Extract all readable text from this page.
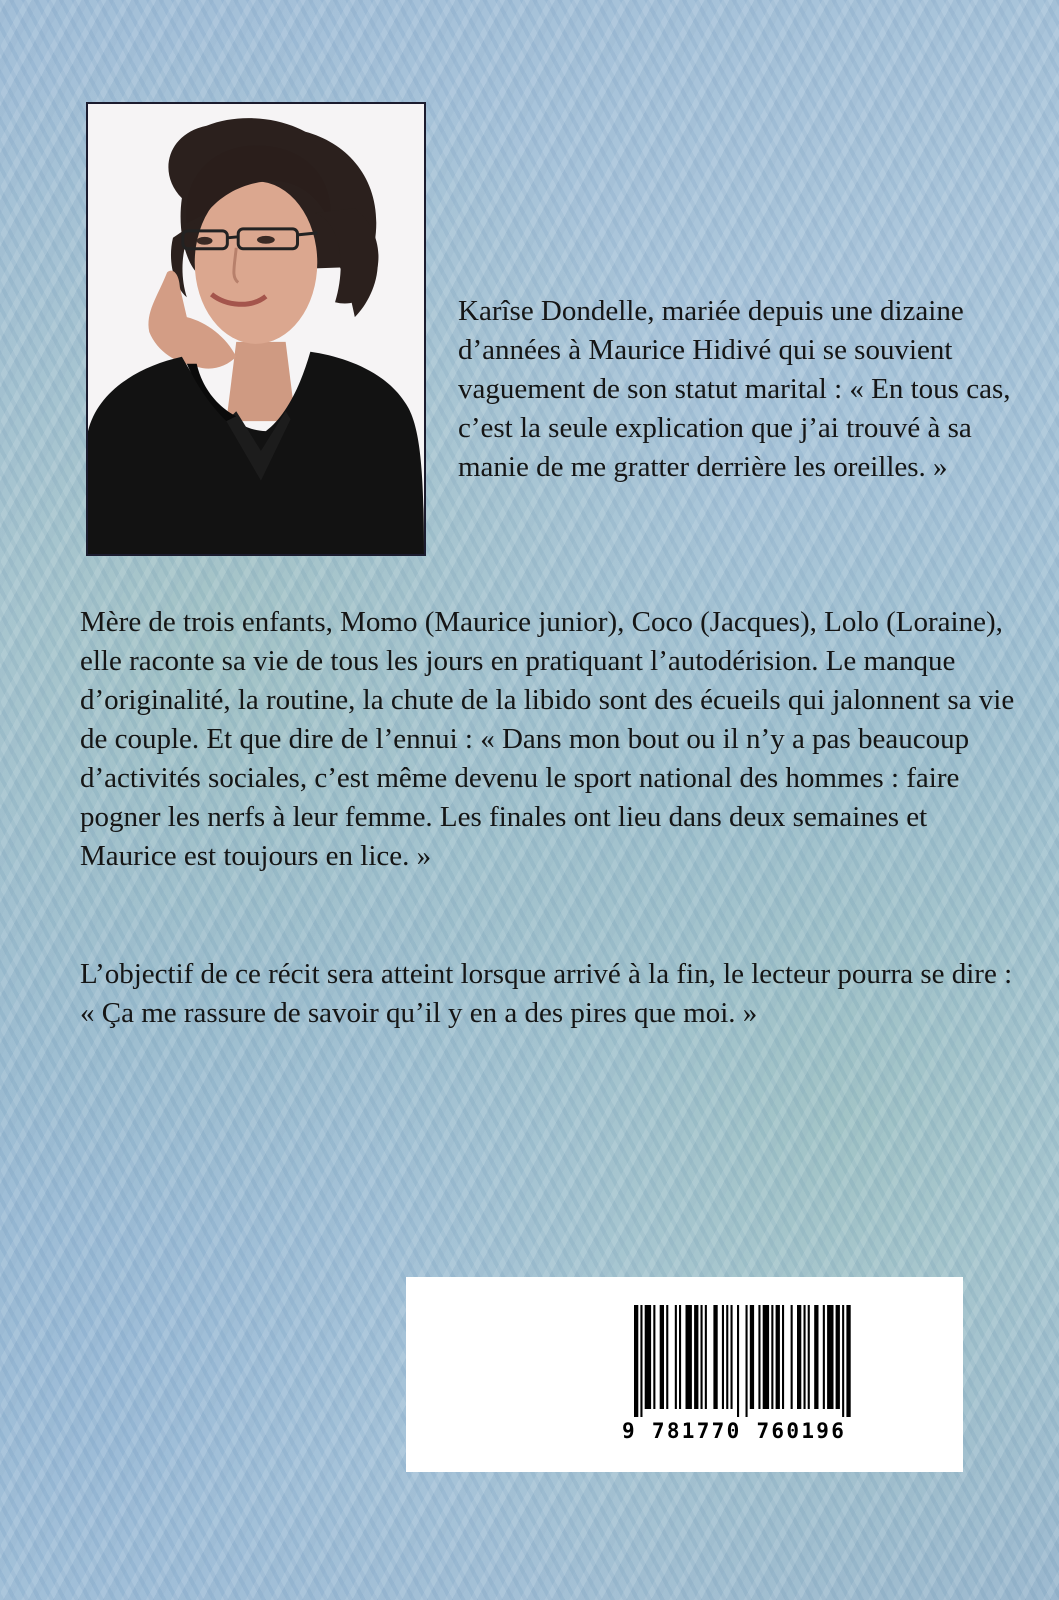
Karîse Dondelle, mariée depuis une dizaine d’années à Maurice Hidivé qui se souvient vaguement de son statut marital : « En tous cas, c’est la seule explication que j’ai trouvé à sa manie de me gratter derrière les oreilles. »

Mère de trois enfants, Momo (Maurice junior), Coco (Jacques), Lolo (Loraine), elle raconte sa vie de tous les jours en pratiquant l’autodérision. Le manque d’originalité, la routine, la chute de la libido sont des écueils qui jalonnent sa vie de couple. Et que dire de l’ennui : « Dans mon bout ou il n’y a pas beaucoup d’activités sociales, c’est même devenu le sport national des hommes : faire pogner les nerfs à leur femme. Les finales ont lieu dans deux semaines et Maurice est toujours en lice. »

L’objectif de ce récit sera atteint lorsque arrivé à la fin, le lecteur pourra se dire : « Ça me rassure de savoir qu’il y en a des pires que moi. »

9 781770 760196
